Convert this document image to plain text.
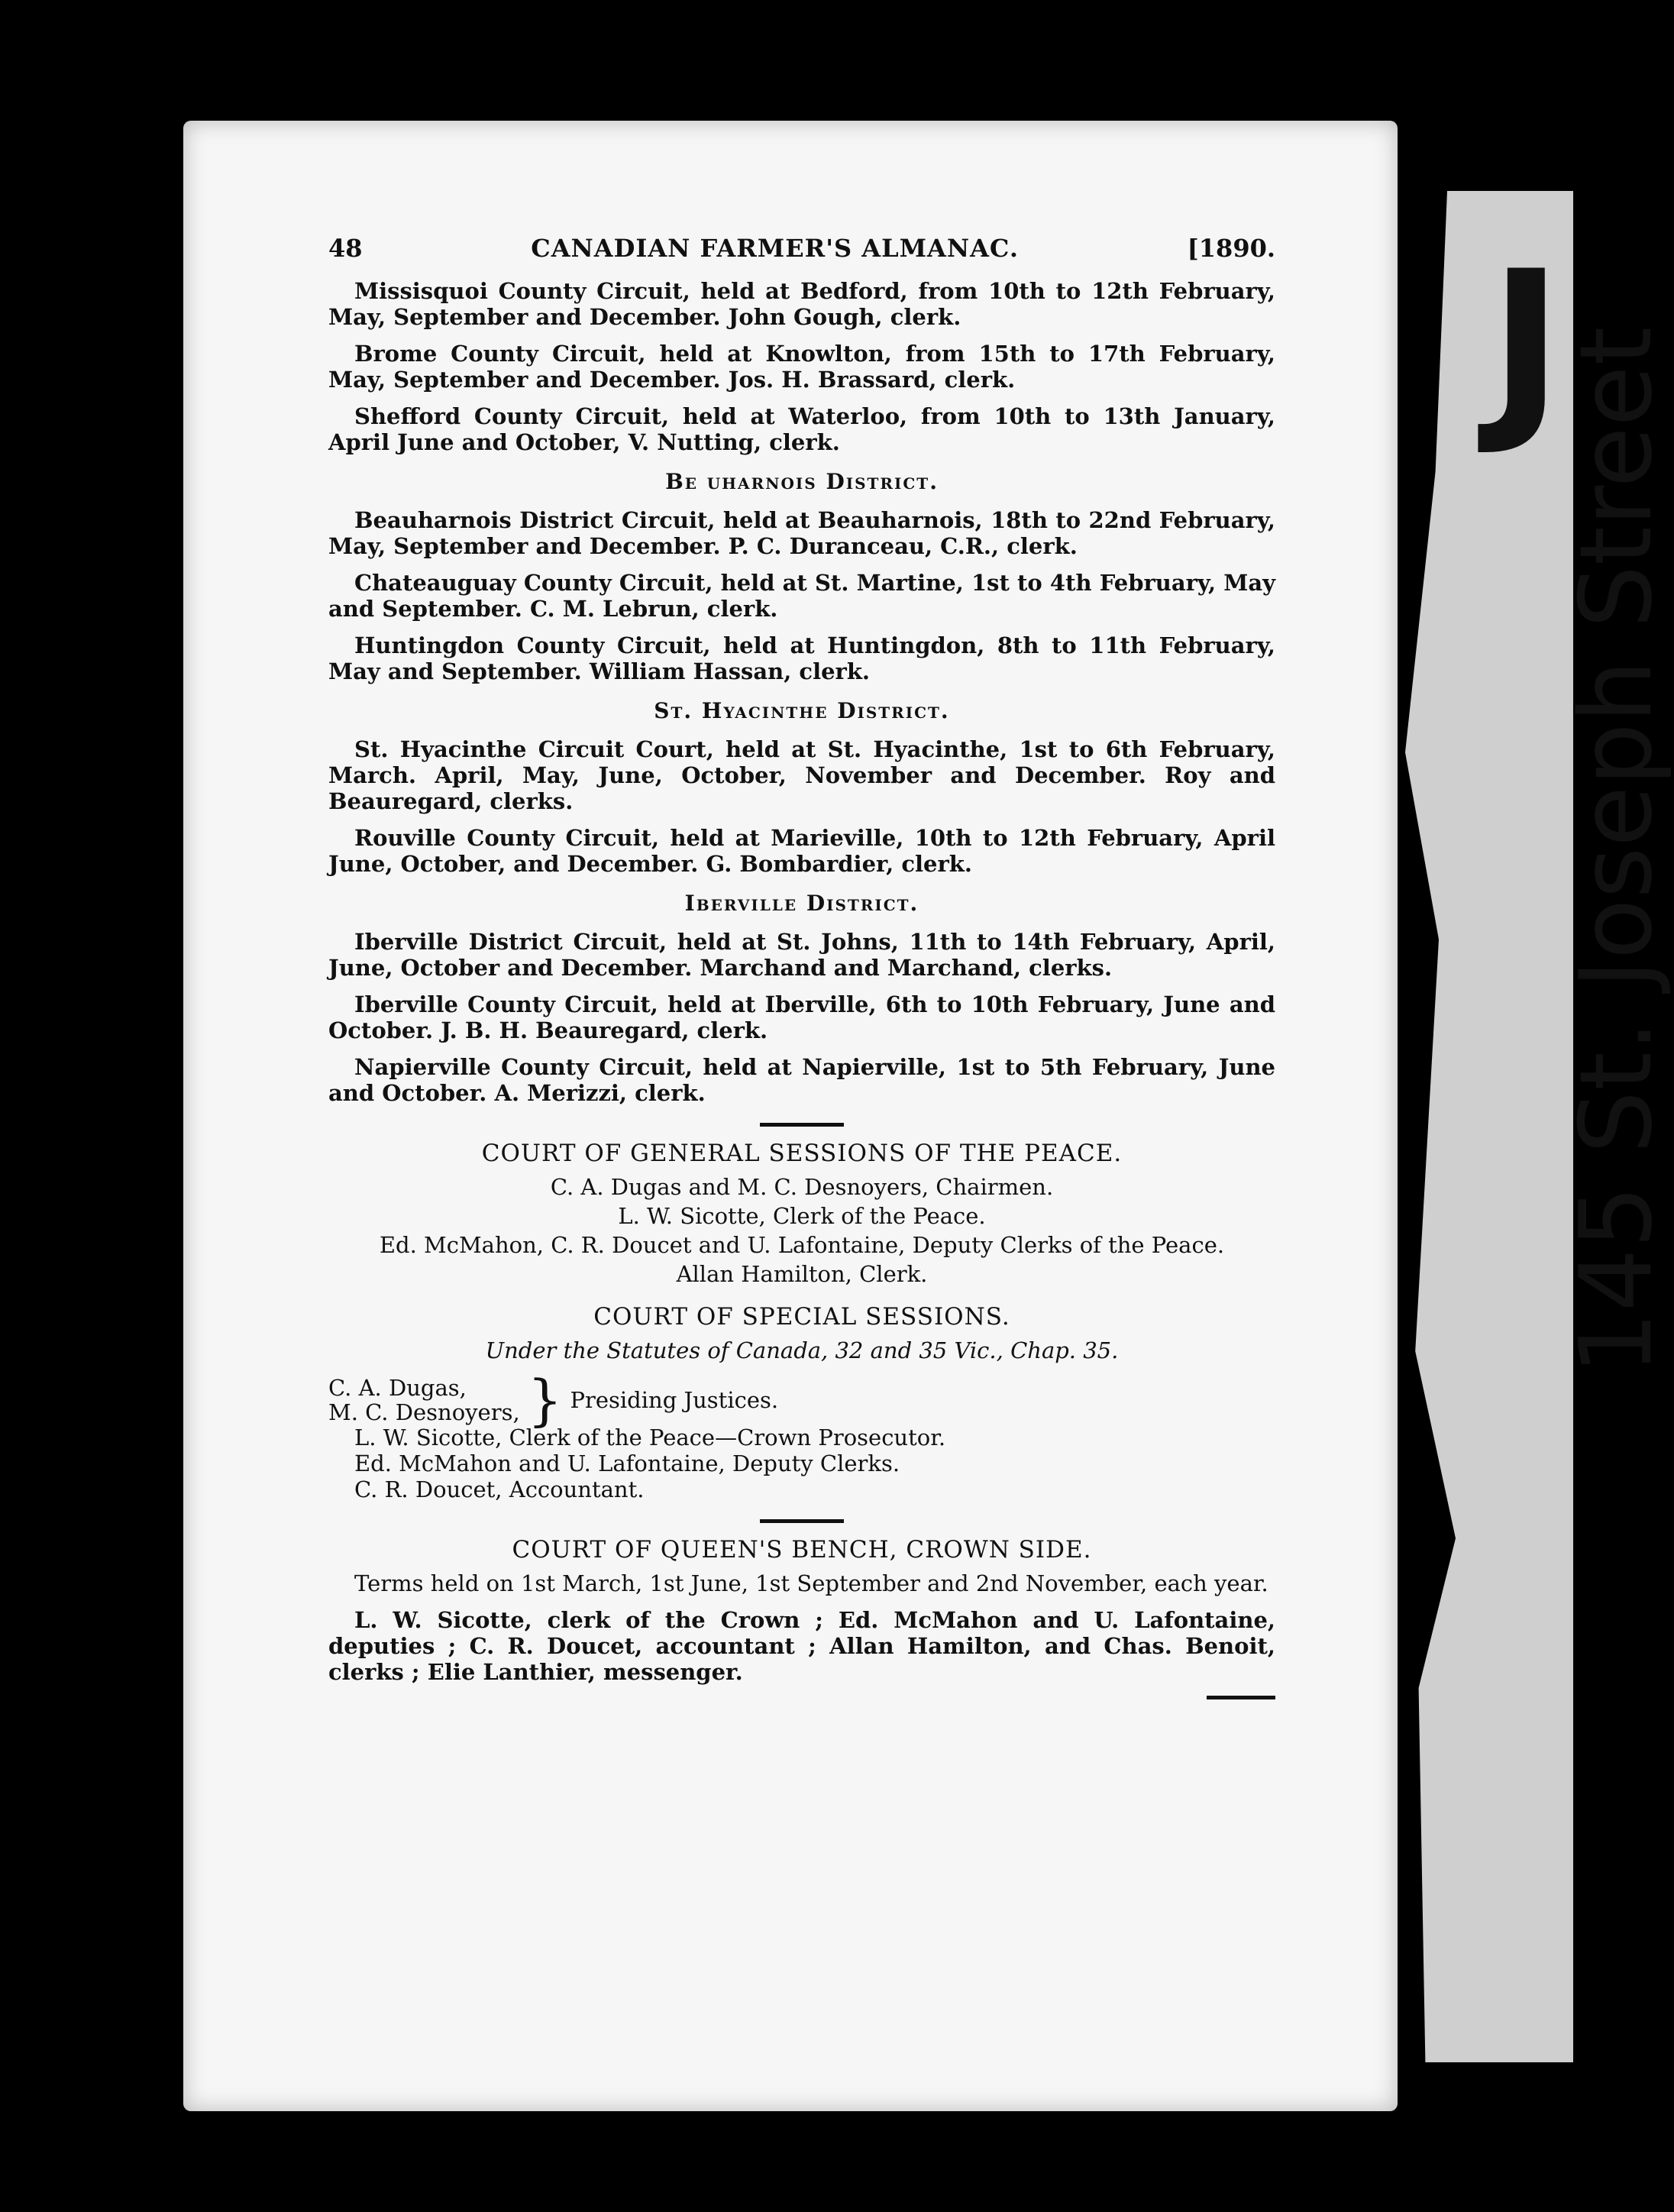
J
145 St. Joseph Street
48	CANADIAN FARMER'S ALMANAC.	[1890.

Missisquoi County Circuit, held at Bedford, from 10th to 12th February, May, September and December. John Gough, clerk.

Brome County Circuit, held at Knowlton, from 15th to 17th February, May, September and December. Jos. H. Brassard, clerk.

Shefford County Circuit, held at Waterloo, from 10th to 13th January, April June and October, V. Nutting, clerk.

Be uharnois District.

Beauharnois District Circuit, held at Beauharnois, 18th to 22nd February, May, September and December. P. C. Duranceau, C.R., clerk.

Chateauguay County Circuit, held at St. Martine, 1st to 4th February, May and September. C. M. Lebrun, clerk.

Huntingdon County Circuit, held at Huntingdon, 8th to 11th February, May and September. William Hassan, clerk.

St. Hyacinthe District.

St. Hyacinthe Circuit Court, held at St. Hyacinthe, 1st to 6th February, March. April, May, June, October, November and December. Roy and Beauregard, clerks.

Rouville County Circuit, held at Marieville, 10th to 12th February, April June, October, and December. G. Bombardier, clerk.

Iberville District.

Iberville District Circuit, held at St. Johns, 11th to 14th February, April, June, October and December. Marchand and Marchand, clerks.

Iberville County Circuit, held at Iberville, 6th to 10th February, June and October. J. B. H. Beauregard, clerk.

Napierville County Circuit, held at Napierville, 1st to 5th February, June and October. A. Merizzi, clerk.

COURT OF GENERAL SESSIONS OF THE PEACE.
C. A. Dugas and M. C. Desnoyers, Chairmen.
L. W. Sicotte, Clerk of the Peace.
Ed. McMahon, C. R. Doucet and U. Lafontaine, Deputy Clerks of the Peace.
Allan Hamilton, Clerk.
COURT OF SPECIAL SESSIONS.
Under the Statutes of Canada, 32 and 35 Vic., Chap. 35.
C. A. Dugas,
M. C. Desnoyers, } Presiding Justices.
L. W. Sicotte, Clerk of the Peace—Crown Prosecutor.
Ed. McMahon and U. Lafontaine, Deputy Clerks.
C. R. Doucet, Accountant.
COURT OF QUEEN'S BENCH, CROWN SIDE.

Terms held on 1st March, 1st June, 1st September and 2nd November, each year.

L. W. Sicotte, clerk of the Crown ; Ed. McMahon and U. Lafontaine, deputies ; C. R. Doucet, accountant ; Allan Hamilton, and Chas. Benoit, clerks ; Elie Lanthier, messenger.
